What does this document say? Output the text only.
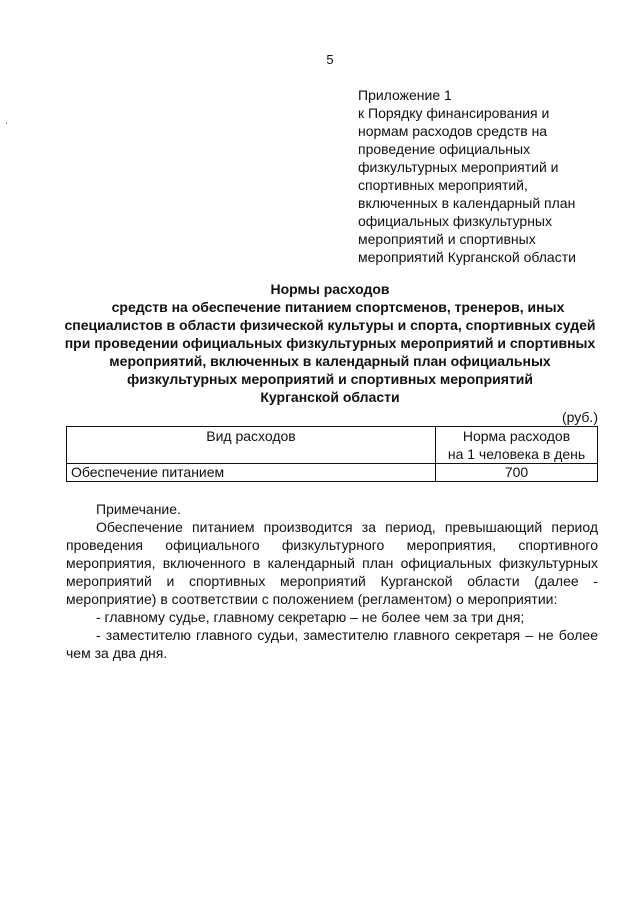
5
Приложение 1
к Порядку финансирования и
нормам расходов средств на
проведение официальных
физкультурных мероприятий и
спортивных мероприятий,
включенных в календарный план
официальных физкультурных
мероприятий и спортивных
мероприятий Курганской области
Нормы расходов
средств на обеспечение питанием спортсменов, тренеров, иных
специалистов в области физической культуры и спорта, спортивных судей
при проведении официальных физкультурных мероприятий и спортивных
мероприятий, включенных в календарный план официальных
физкультурных мероприятий и спортивных мероприятий
Курганской области
(руб.)
Вид расходов	Норма расходов
на 1 человека в день

Обеспечение питанием	700
Примечание.
Обеспечение питанием производится за период, превышающий период
проведения официального физкультурного мероприятия, спортивного
мероприятия, включенного в календарный план официальных физкультурных
мероприятий и спортивных мероприятий Курганской области (далее -
мероприятие) в соответствии с положением (регламентом) о мероприятии:
- главному судье, главному секретарю – не более чем за три дня;
- заместителю главного судьи, заместителю главного секретаря – не более
чем за два дня.
